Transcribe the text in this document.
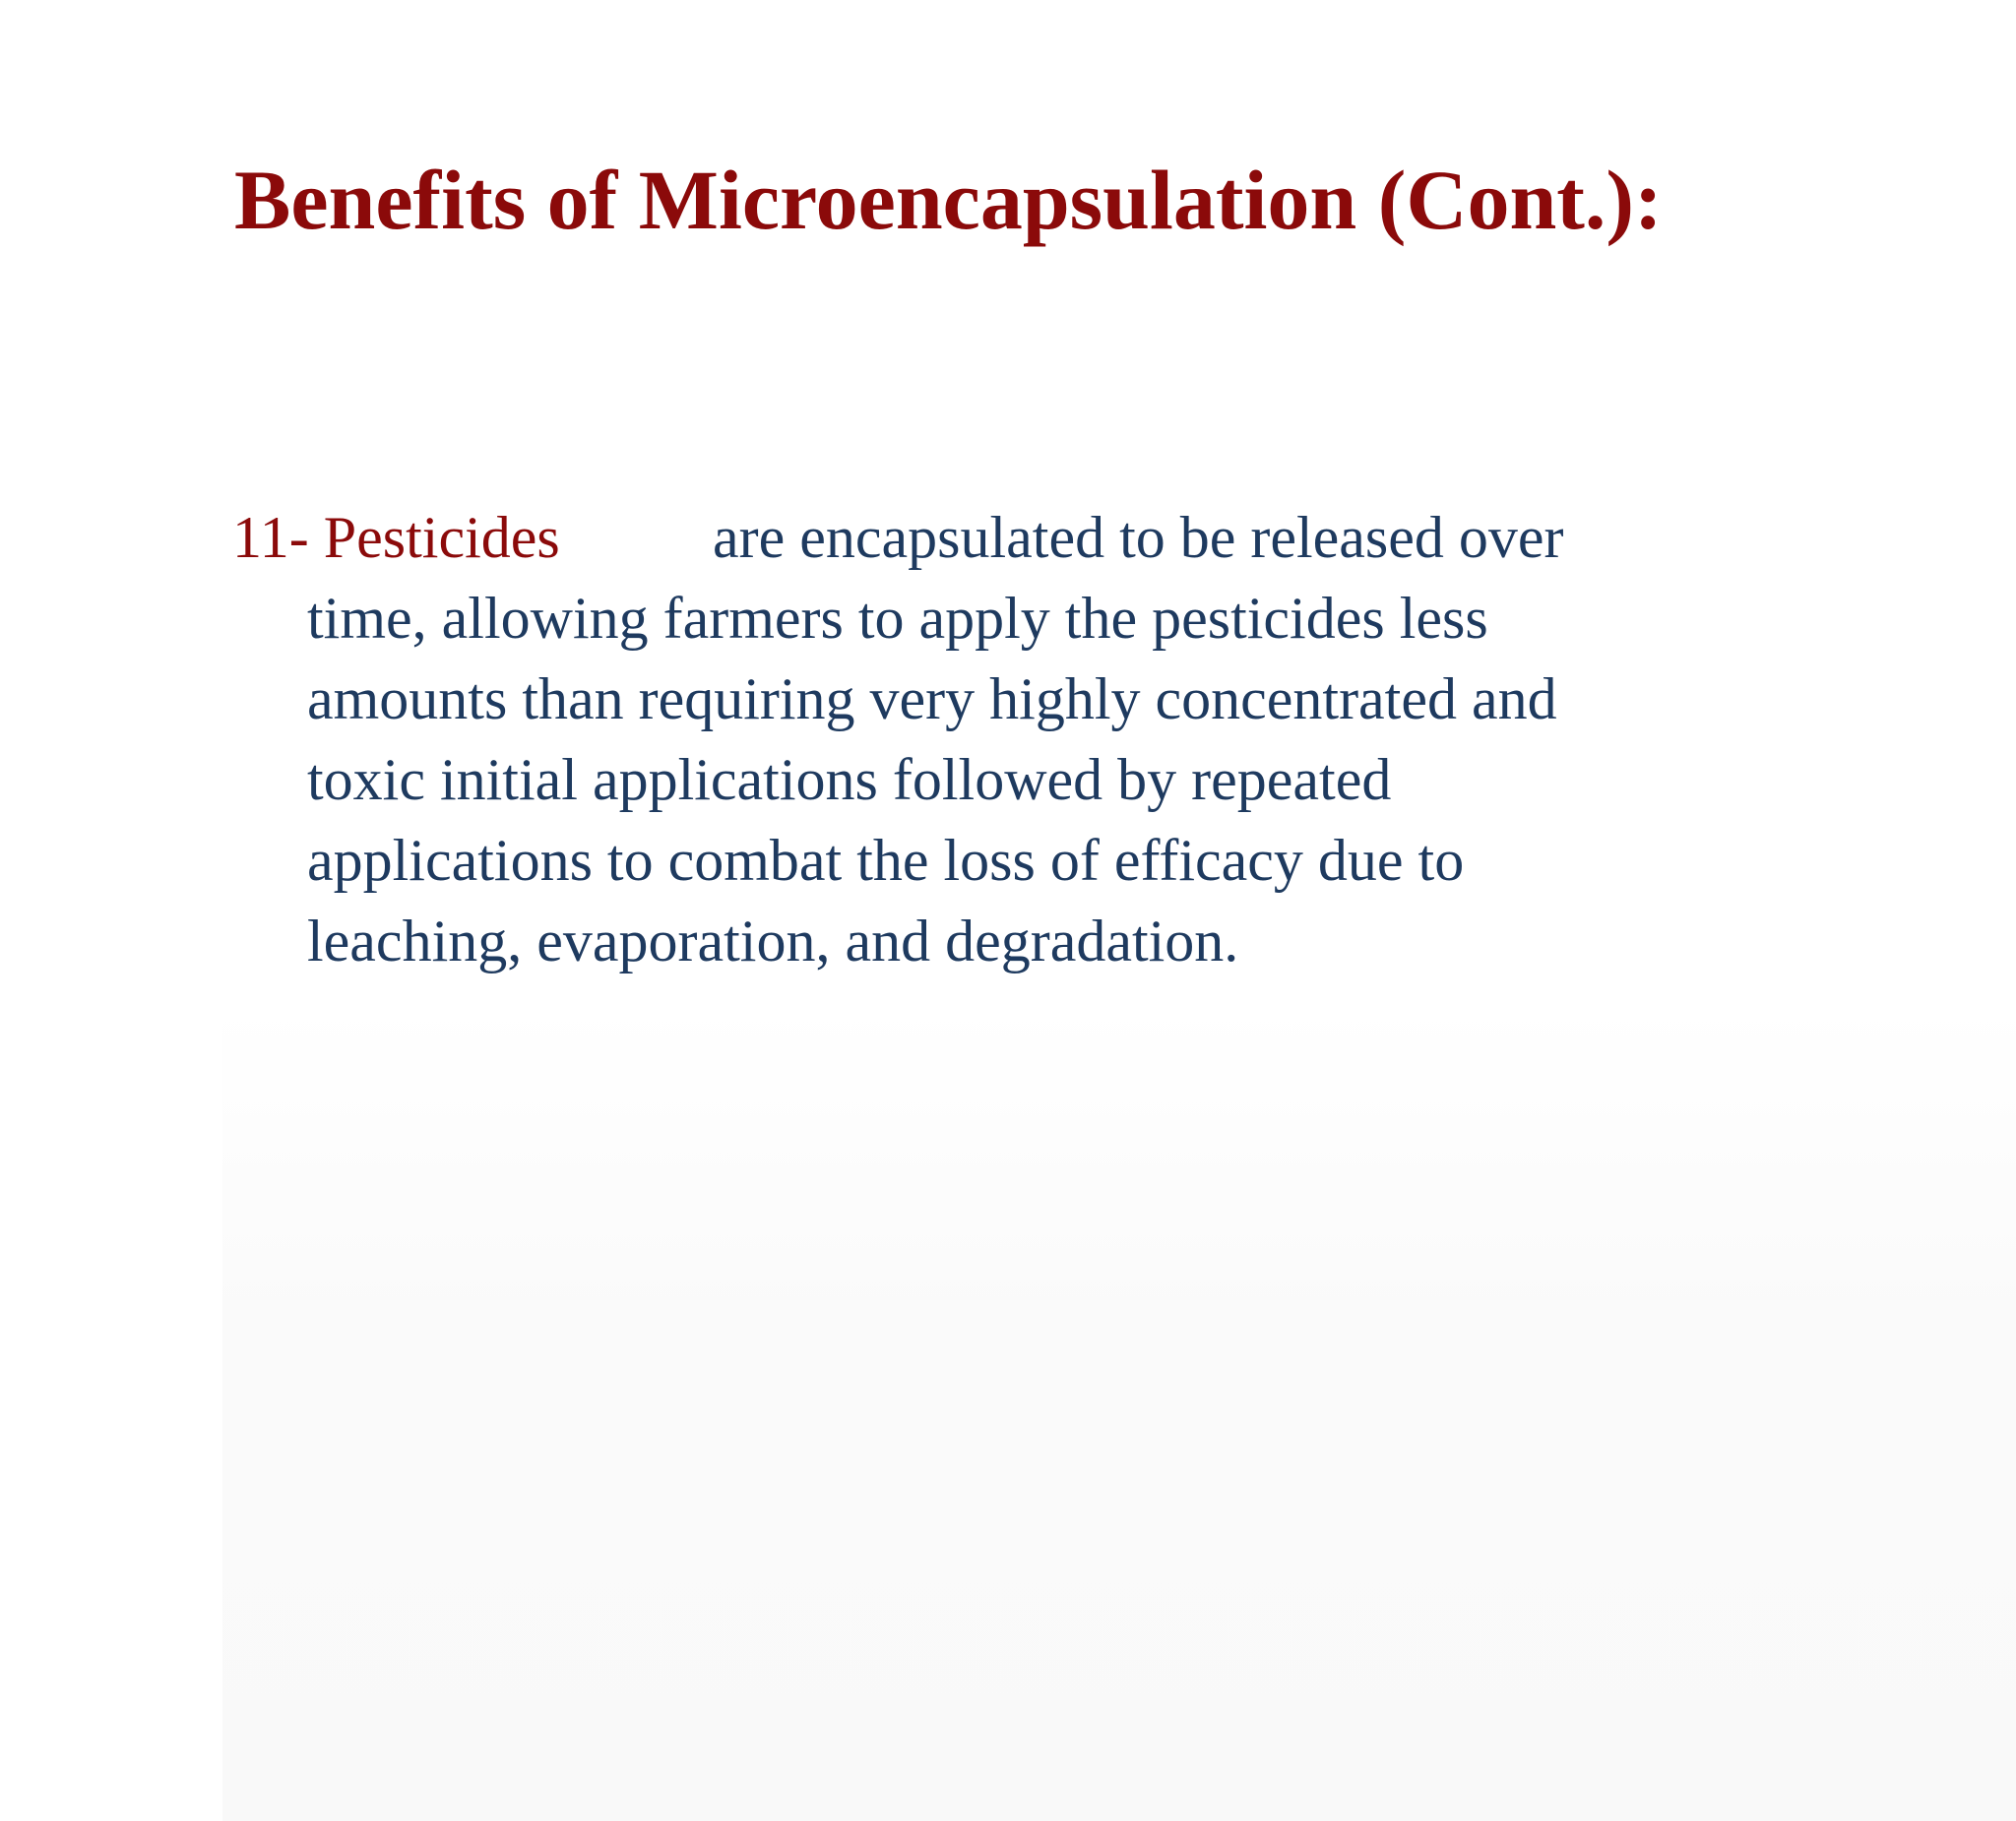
Benefits of Microencapsulation (Cont.):
11- Pesticides	are encapsulated to be released over
time, allowing farmers to apply the pesticides less
amounts than requiring very highly concentrated and
toxic initial applications followed by repeated
applications to combat the loss of efficacy due to
leaching, evaporation, and degradation.
